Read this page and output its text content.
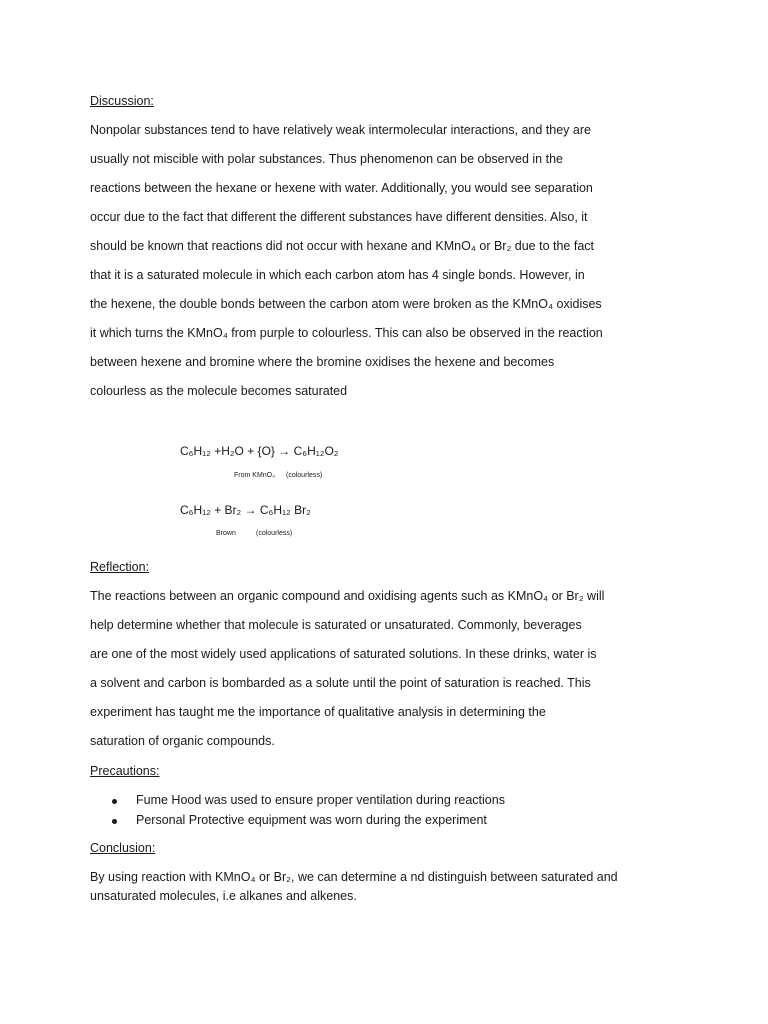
Discussion:
Nonpolar substances tend to have relatively weak intermolecular interactions, and they are
usually not miscible with polar substances. Thus phenomenon can be observed in the
reactions between the hexane or hexene with water. Additionally, you would see separation
occur due to the fact that different the different substances have different densities. Also, it
should be known that reactions did not occur with hexane and KMnO₄ or Br₂ due to the fact
that it is a saturated molecule in which each carbon atom has 4 single bonds. However, in
the hexene, the double bonds between the carbon atom were broken as the KMnO₄ oxidises
it which turns the KMnO₄ from purple to colourless. This can also be observed in the reaction
between hexene and bromine where the bromine oxidises the hexene and becomes
colourless as the molecule becomes saturated
C₆H₁₂ +H₂O + {O} → C₆H₁₂O₂
From KMnO₄ (colourless)
C₆H₁₂ + Br₂ → C₆H₁₂ Br₂
Brown	(colourless)
Reflection:
The reactions between an organic compound and oxidising agents such as KMnO₄ or Br₂ will
help determine whether that molecule is saturated or unsaturated. Commonly, beverages
are one of the most widely used applications of saturated solutions. In these drinks, water is
a solvent and carbon is bombarded as a solute until the point of saturation is reached. This
experiment has taught me the importance of qualitative analysis in determining the
saturation of organic compounds.
Precautions:
Fume Hood was used to ensure proper ventilation during reactions
Personal Protective equipment was worn during the experiment
Conclusion:
By using reaction with KMnO₄ or Br₂, we can determine a nd distinguish between saturated and
unsaturated molecules, i.e alkanes and alkenes.
